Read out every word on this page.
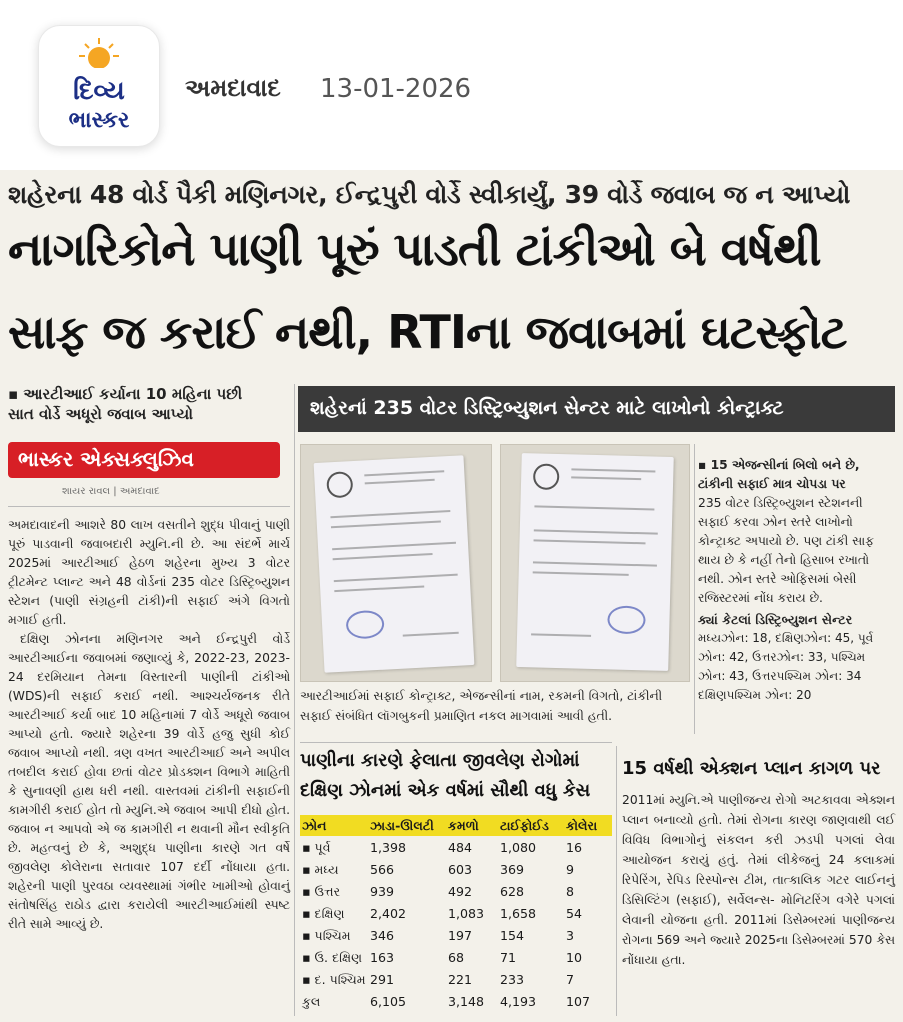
દિવ્ય
ભાસ્કર
અમદાવાદ 13-01-2026
શહેરના 48 વોર્ડ પૈકી મણિનગર, ઈન્દ્રપુરી વોર્ડે સ્વીકાર્યું, 39 વોર્ડે જવાબ જ ન આપ્યો
નાગરિકોને પાણી પૂરું પાડતી ટાંકીઓ બે વર્ષથી
સાફ જ કરાઈ નથી, RTIના જવાબમાં ઘટસ્ફોટ
▪ આરટીઆઈ કર્યાના 10 મહિના પછી
સાત વોર્ડે અધૂરો જવાબ આપ્યો
ભાસ્કર એક્સક્લુઝિવ
શાયર રાવલ | અમદાવાદ

અમદાવાદની આશરે 80 લાખ વસતીને શુદ્ધ પીવાનું પાણી પૂરું પાડવાની જવાબદારી મ્યુનિ.ની છે. આ સંદર્ભે માર્ચ 2025માં આરટીઆઈ હેઠળ શહેરના મુખ્ય 3 વોટર ટ્રીટમેન્ટ પ્લાન્ટ અને 48 વોર્ડનાં 235 વોટર ડિસ્ટ્રિબ્યુશન સ્ટેશન (પાણી સંગ્રહની ટાંકી)ની સફાઈ અંગે વિગતો મગાઈ હતી.

દક્ષિણ ઝોનના મણિનગર અને ઈન્દ્રપુરી વોર્ડે આરટીઆઈના જવાબમાં જણાવ્યું કે, 2022-23, 2023-24 દરમિયાન તેમના વિસ્તારની પાણીની ટાંકીઓ (WDS)ની સફાઈ કરાઈ નથી. આશ્ચર્યજનક રીતે આરટીઆઈ કર્યા બાદ 10 મહિનામાં 7 વોર્ડે અધૂરો જવાબ આપ્યો હતો. જ્યારે શહેરના 39 વોર્ડે હજુ સુધી કોઈ જવાબ આપ્યો નથી. ત્રણ વખત આરટીઆઈ અને અપીલ તબદીલ કરાઈ હોવા છતાં વોટર પ્રોડક્શન વિભાગે માહિતી કે સુનાવણી હાથ ધરી નથી. વાસ્તવમાં ટાંકીની સફાઈની કામગીરી કરાઈ હોત તો મ્યુનિ.એ જવાબ આપી દીધો હોત. જવાબ ન આપવો એ જ કામગીરી ન થવાની મૌન સ્વીકૃતિ છે. મહત્વનું છે કે, અશુદ્ધ પાણીના કારણે ગત વર્ષે જીવલેણ કોલેરાના સતાવાર 107 દર્દી નોંધાયા હતા. શહેરની પાણી પુરવઠા વ્યવસ્થામાં ગંભીર ખામીઓ હોવાનું સંતોષસિંહ રાઠોડ દ્વારા કરાયેલી આરટીઆઈમાંથી સ્પષ્ટ રીતે સામે આવ્યું છે.

શહેરનાં 235 વોટર ડિસ્ટ્રિબ્યુશન સેન્ટર માટે લાખોનો કોન્ટ્રાક્ટ
આરટીઆઈમાં સફાઈ કોન્ટ્રાક્ટ, એજન્સીનાં નામ, રકમની વિગતો, ટાંકીની સફાઈ સંબંધિત લૉગબુકની પ્રમાણિત નકલ માગવામાં આવી હતી.
▪ 15 એજન્સીનાં બિલો બને છે, ટાંકીની સફાઈ માત્ર ચોપડા પર
235 વોટર ડિસ્ટ્રિબ્યુશન સ્ટેશનની સફાઈ કરવા ઝોન સ્તરે લાખોનો કોન્ટ્રાક્ટ અપાયો છે. પણ ટાંકી સાફ થાય છે કે નહીં તેનો હિસાબ રખાતો નથી. ઝોન સ્તરે ઓફિસમાં બેસી રજિસ્ટરમાં નોંધ કરાય છે.
ક્યાં કેટલાં ડિસ્ટ્રિબ્યુશન સેન્ટર
મધ્યઝોન: 18, દક્ષિણઝોન: 45, પૂર્વ ઝોન: 42, ઉત્તરઝોન: 33, પશ્ચિમ ઝોન: 43, ઉત્તરપશ્ચિમ ઝોન: 34 દક્ષિણપશ્ચિમ ઝોન: 20
પાણીના કારણે ફેલાતા જીવલેણ રોગોમાં
દક્ષિણ ઝોનમાં એક વર્ષમાં સૌથી વધુ કેસ
ઝોન	ઝાડા-ઊલટી કમળો ટાઈફોઈડ કોલેરા
▪ પૂર્વ	1,398	484 1,080 16
▪ મધ્ય 566	603 369	9
▪ ઉત્તર 939	492 628	8
▪ દક્ષિણ 2,402	1,083 1,658 54
▪ પશ્ચિમ 346	197 154	3
▪ ઉ. દક્ષિણ 163	68	71	10
▪ દ. પશ્ચિમ 291	221 233	7
કુલ	6,105	3,148 4,193 107
15 વર્ષથી એક્શન પ્લાન કાગળ પર
2011માં મ્યુનિ.એ પાણીજન્ય રોગો અટકાવવા એક્શન પ્લાન બનાવ્યો હતો. તેમાં રોગના કારણ જાણવાથી લઈ વિવિધ વિભાગોનું સંકલન કરી ઝડપી પગલાં લેવા આયોજન કરાયું હતું. તેમાં લીકેજનું 24 કલાકમાં રિપેરિંગ, રેપિડ રિસ્પોન્સ ટીમ, તાત્કાલિક ગટર લાઈનનું ડિસિલ્ટિંગ (સફાઈ), સર્વેલન્સ- મોનિટરિંગ વગેરે પગલાં લેવાની યોજના હતી. 2011માં ડિસેમ્બરમાં પાણીજન્ય રોગના 569 અને જ્યારે 2025ના ડિસેમ્બરમાં 570 કેસ નોંધાયા હતા.
